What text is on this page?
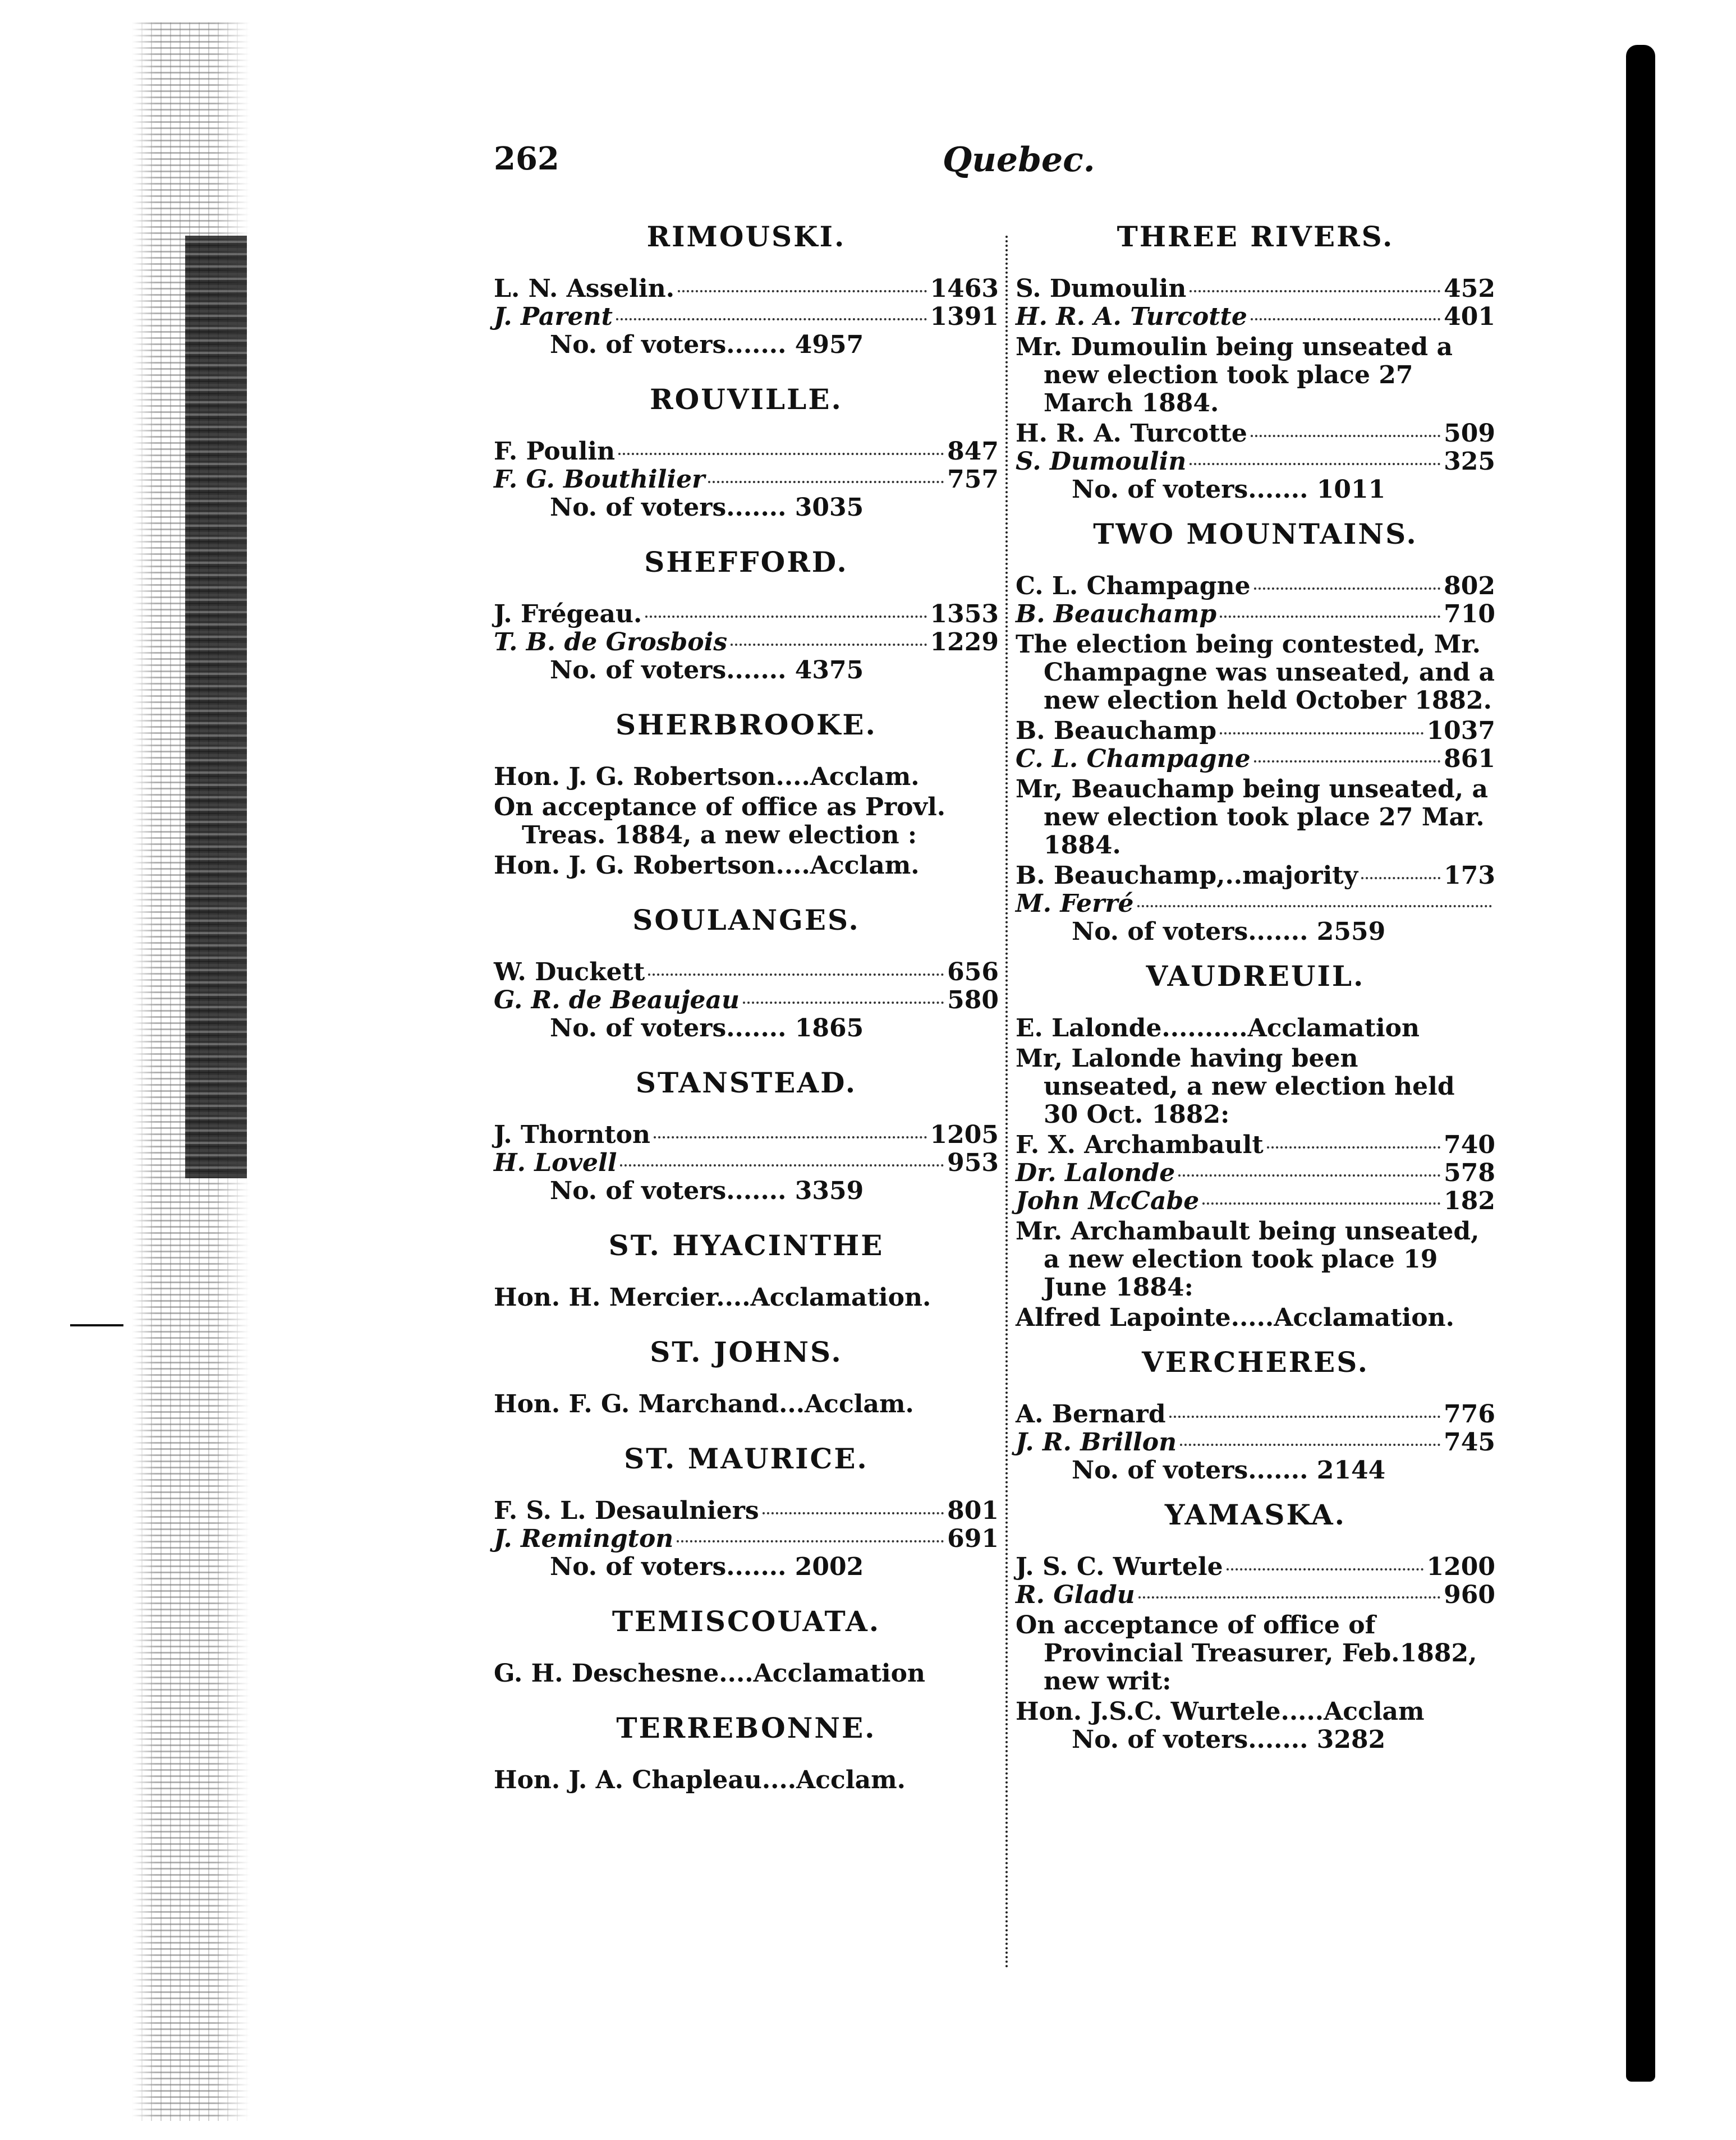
262	Quebec.
RIMOUSKI.
L. N. Asselin.	1463
J. Parent	1391
No. of voters....... 4957
ROUVILLE.
F. Poulin	847
F. G. Bouthilier	757
No. of voters....... 3035
SHEFFORD.
J. Frégeau.	1353
T. B. de Grosbois	1229
No. of voters....... 4375
SHERBROOKE.
Hon. J. G. Robertson....Acclam.
On acceptance of office as Provl. Treas. 1884, a new election :
Hon. J. G. Robertson....Acclam.
SOULANGES.
W. Duckett	656
G. R. de Beaujeau	580
No. of voters....... 1865
STANSTEAD.
J. Thornton	1205
H. Lovell	953
No. of voters....... 3359
ST. HYACINTHE
Hon. H. Mercier....Acclamation.
ST. JOHNS.
Hon. F. G. Marchand...Acclam.
ST. MAURICE.
F. S. L. Desaulniers	801
J. Remington	691
No. of voters....... 2002
TEMISCOUATA.
G. H. Deschesne....Acclamation
TERREBONNE.
Hon. J. A. Chapleau....Acclam.
THREE RIVERS.
S. Dumoulin	452
H. R. A. Turcotte	401
Mr. Dumoulin being unseated a new election took place 27 March 1884.
H. R. A. Turcotte	509
S. Dumoulin	325
No. of voters....... 1011
TWO MOUNTAINS.
C. L. Champagne	802
B. Beauchamp	710
The election being contested, Mr. Champagne was unseated, and a new election held October 1882.
B. Beauchamp	1037
C. L. Champagne	861
Mr, Beauchamp being unseated, a new election took place 27 Mar. 1884.
B. Beauchamp,..majority	173
M. Ferré
No. of voters....... 2559
VAUDREUIL.
E. Lalonde..........Acclamation
Mr, Lalonde having been unseated, a new election held 30 Oct. 1882:
F. X. Archambault	740
Dr. Lalonde	578
John McCabe	182
Mr. Archambault being unseated, a new election took place 19 June 1884:
Alfred Lapointe.....Acclamation.
VERCHERES.
A. Bernard	776
J. R. Brillon	745
No. of voters....... 2144
YAMASKA.
J. S. C. Wurtele	1200
R. Gladu	960
On acceptance of office of Provincial Treasurer, Feb.1882, new writ:
Hon. J.S.C. Wurtele.....Acclam
No. of voters....... 3282
